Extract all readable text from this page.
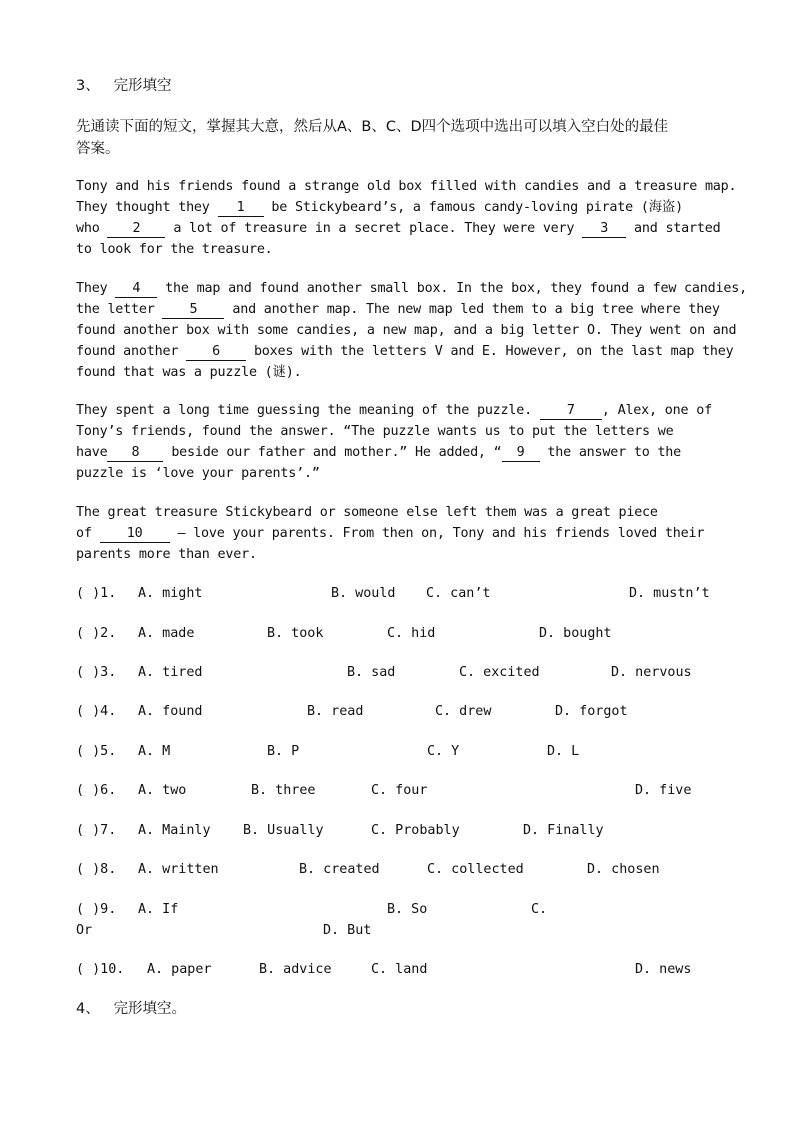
3、 完形填空
先通读下面的短文，掌握其大意，然后从A、B、C、D四个选项中选出可以填入空白处的最佳
答案。
Tony and his friends found a strange old box filled with candies and a treasure map.
They thought they 1 be Stickybeard’s, a famous candy-loving pirate (海盗)
who 2 a lot of treasure in a secret place. They were very 3 and started
to look for the treasure.
They 4 the map and found another small box. In the box, they found a few candies,
the letter 5 and another map. The new map led them to a big tree where they
found another box with some candies, a new map, and a big letter O. They went on and
found another 6 boxes with the letters V and E. However, on the last map they
found that was a puzzle (谜).
They spent a long time guessing the meaning of the puzzle. 7 , Alex, one of
Tony’s friends, found the answer. “The puzzle wants us to put the letters we
have 8 beside our father and mother.” He added, “ 9 the answer to the
puzzle is ‘love your parents’.”
The great treasure Stickybeard or someone else left them was a great piece
of 10 — love your parents. From then on, Tony and his friends loved their
parents more than ever.
( )1. A. might	B. would C. can’t	D. mustn’t
( )2. A. made	B. took	C. hid	D. bought
( )3. A. tired	B. sad	C. excited	D. nervous
( )4. A. found	B. read	C. drew	D. forgot
( )5. A. M	B. P	C. Y	D. L
( )6. A. two	B. three	C. four	D. five
( )7. A. Mainly B. Usually	C. Probably	D. Finally
( )8. A. written	B. created	C. collected	D. chosen
( )9. A. If	B. So	C.
Or	D. But
( )10. A. paper	B. advice	C. land	D. news
4、 完形填空。
